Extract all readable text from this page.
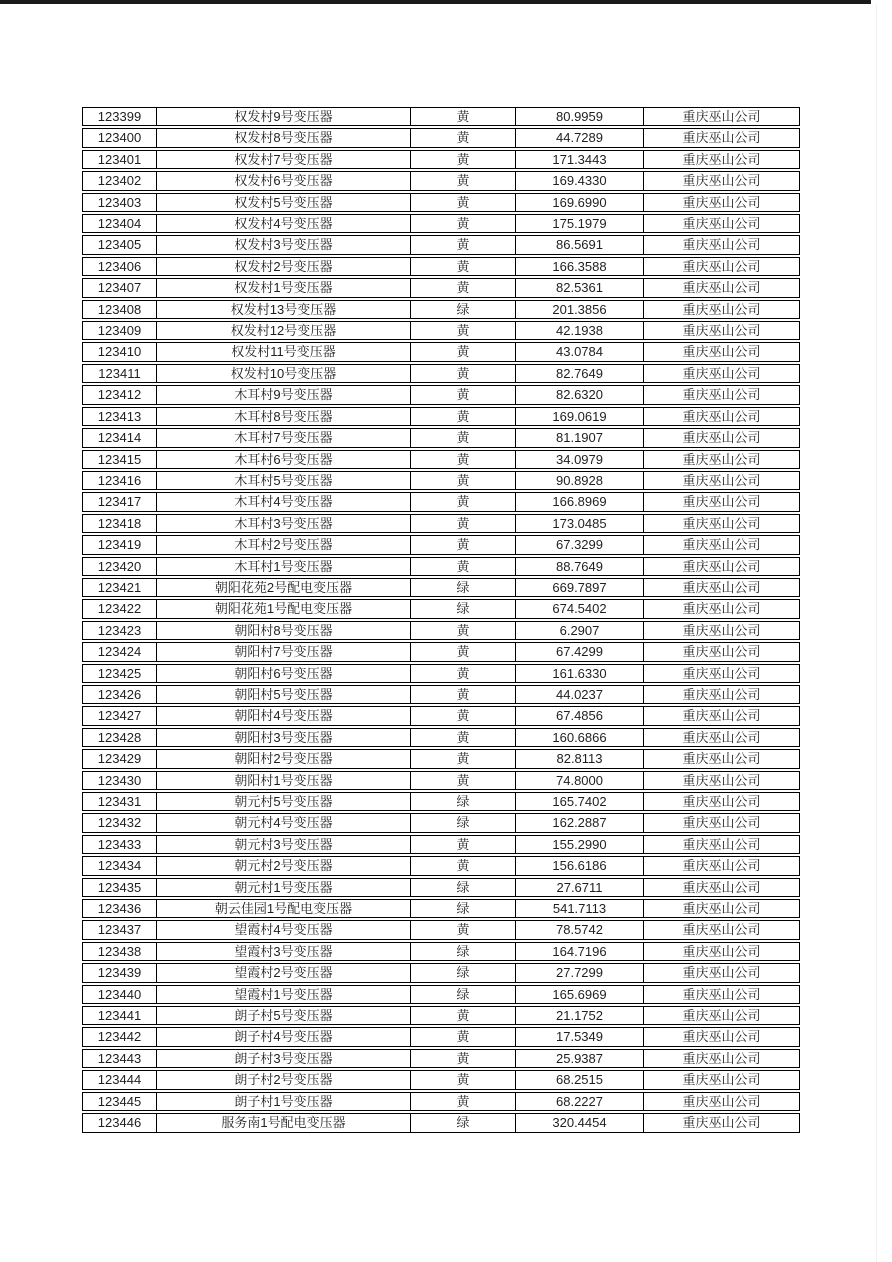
123399	权发村9号变压器	黄	80.9959	重庆巫山公司
123400	权发村8号变压器	黄	44.7289	重庆巫山公司
123401	权发村7号变压器	黄	171.3443	重庆巫山公司
123402	权发村6号变压器	黄	169.4330	重庆巫山公司
123403	权发村5号变压器	黄	169.6990	重庆巫山公司
123404	权发村4号变压器	黄	175.1979	重庆巫山公司
123405	权发村3号变压器	黄	86.5691	重庆巫山公司
123406	权发村2号变压器	黄	166.3588	重庆巫山公司
123407	权发村1号变压器	黄	82.5361	重庆巫山公司
123408	权发村13号变压器	绿	201.3856	重庆巫山公司
123409	权发村12号变压器	黄	42.1938	重庆巫山公司
123410	权发村11号变压器	黄	43.0784	重庆巫山公司
123411	权发村10号变压器	黄	82.7649	重庆巫山公司
123412	木耳村9号变压器	黄	82.6320	重庆巫山公司
123413	木耳村8号变压器	黄	169.0619	重庆巫山公司
123414	木耳村7号变压器	黄	81.1907	重庆巫山公司
123415	木耳村6号变压器	黄	34.0979	重庆巫山公司
123416	木耳村5号变压器	黄	90.8928	重庆巫山公司
123417	木耳村4号变压器	黄	166.8969	重庆巫山公司
123418	木耳村3号变压器	黄	173.0485	重庆巫山公司
123419	木耳村2号变压器	黄	67.3299	重庆巫山公司
123420	木耳村1号变压器	黄	88.7649	重庆巫山公司
123421	朝阳花苑2号配电变压器	绿	669.7897	重庆巫山公司
123422	朝阳花苑1号配电变压器	绿	674.5402	重庆巫山公司
123423	朝阳村8号变压器	黄	6.2907	重庆巫山公司
123424	朝阳村7号变压器	黄	67.4299	重庆巫山公司
123425	朝阳村6号变压器	黄	161.6330	重庆巫山公司
123426	朝阳村5号变压器	黄	44.0237	重庆巫山公司
123427	朝阳村4号变压器	黄	67.4856	重庆巫山公司
123428	朝阳村3号变压器	黄	160.6866	重庆巫山公司
123429	朝阳村2号变压器	黄	82.8113	重庆巫山公司
123430	朝阳村1号变压器	黄	74.8000	重庆巫山公司
123431	朝元村5号变压器	绿	165.7402	重庆巫山公司
123432	朝元村4号变压器	绿	162.2887	重庆巫山公司
123433	朝元村3号变压器	黄	155.2990	重庆巫山公司
123434	朝元村2号变压器	黄	156.6186	重庆巫山公司
123435	朝元村1号变压器	绿	27.6711	重庆巫山公司
123436	朝云佳园1号配电变压器	绿	541.7113	重庆巫山公司
123437	望霞村4号变压器	黄	78.5742	重庆巫山公司
123438	望霞村3号变压器	绿	164.7196	重庆巫山公司
123439	望霞村2号变压器	绿	27.7299	重庆巫山公司
123440	望霞村1号变压器	绿	165.6969	重庆巫山公司
123441	朗子村5号变压器	黄	21.1752	重庆巫山公司
123442	朗子村4号变压器	黄	17.5349	重庆巫山公司
123443	朗子村3号变压器	黄	25.9387	重庆巫山公司
123444	朗子村2号变压器	黄	68.2515	重庆巫山公司
123445	朗子村1号变压器	黄	68.2227	重庆巫山公司
123446	服务南1号配电变压器	绿	320.4454	重庆巫山公司
